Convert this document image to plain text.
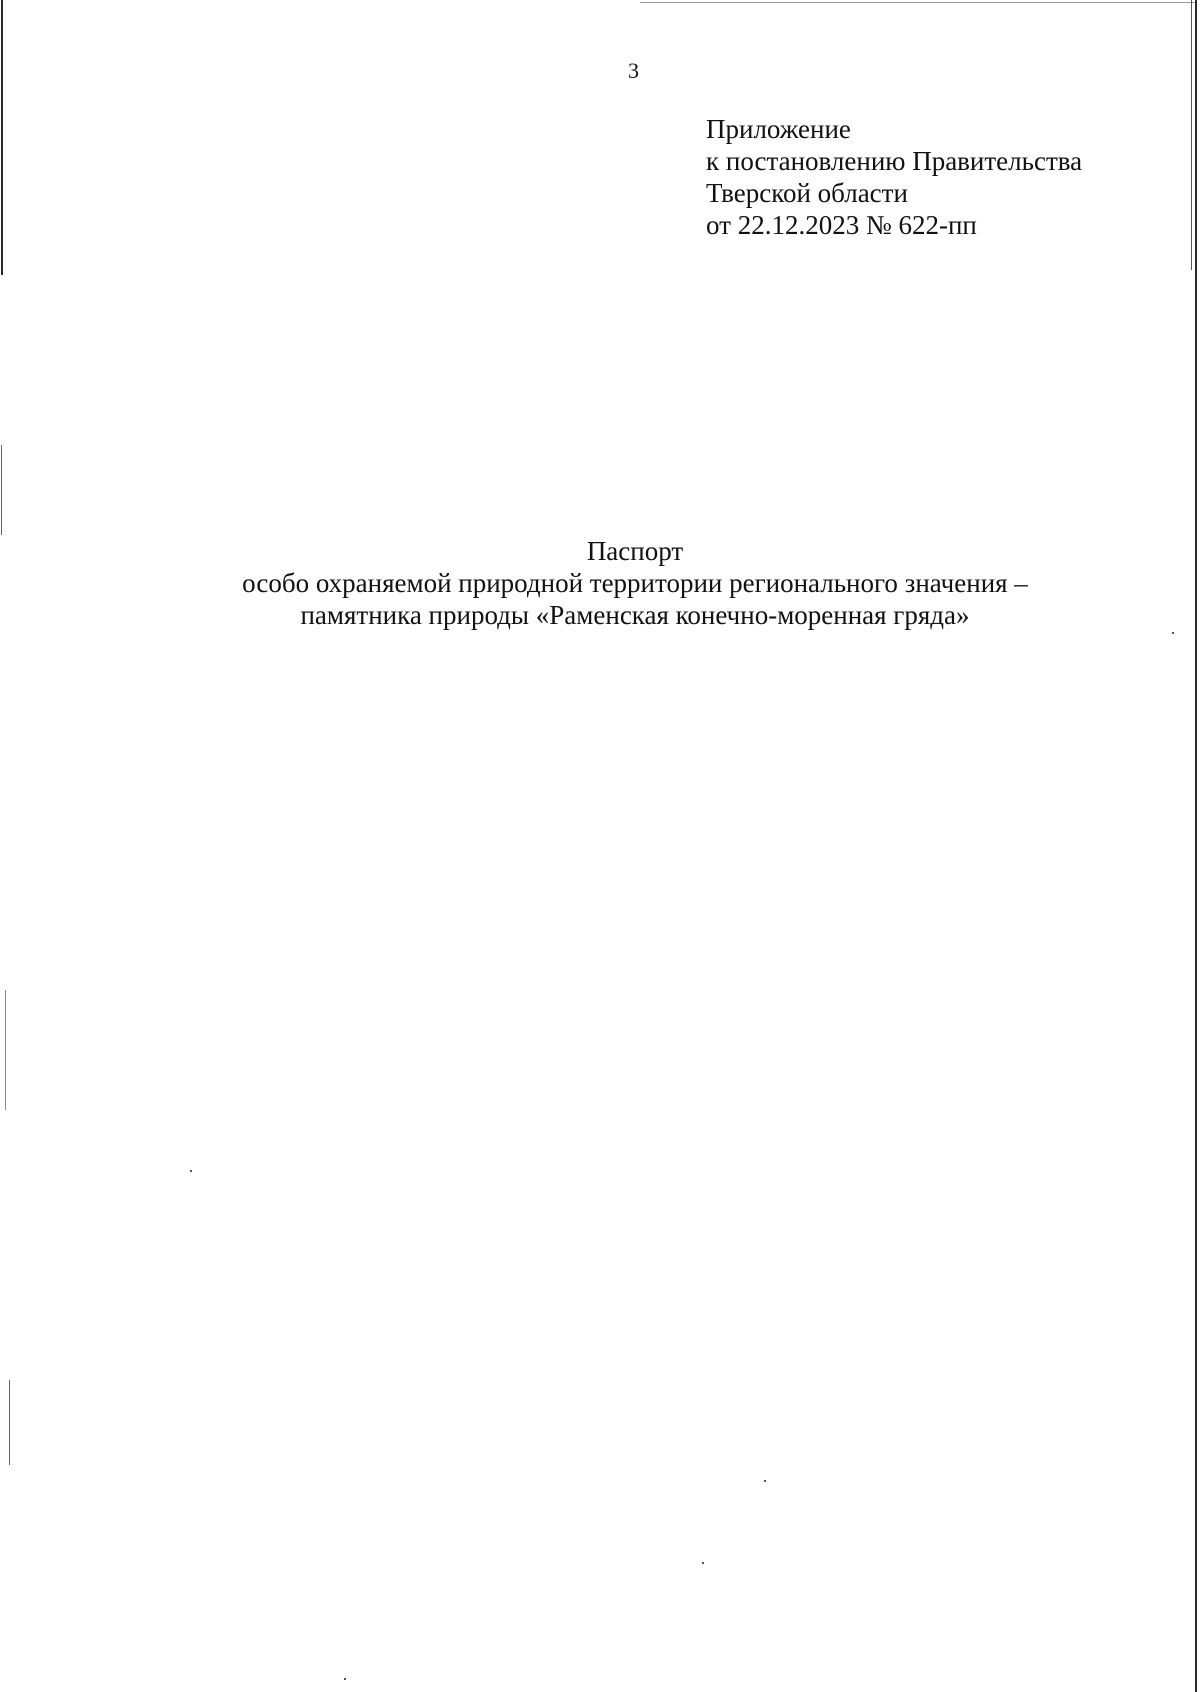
3
Приложение
к постановлению Правительства
Тверской области
от 22.12.2023 № 622-пп
Паспорт
особо охраняемой природной территории регионального значения –
памятника природы «Раменская конечно-моренная гряда»
